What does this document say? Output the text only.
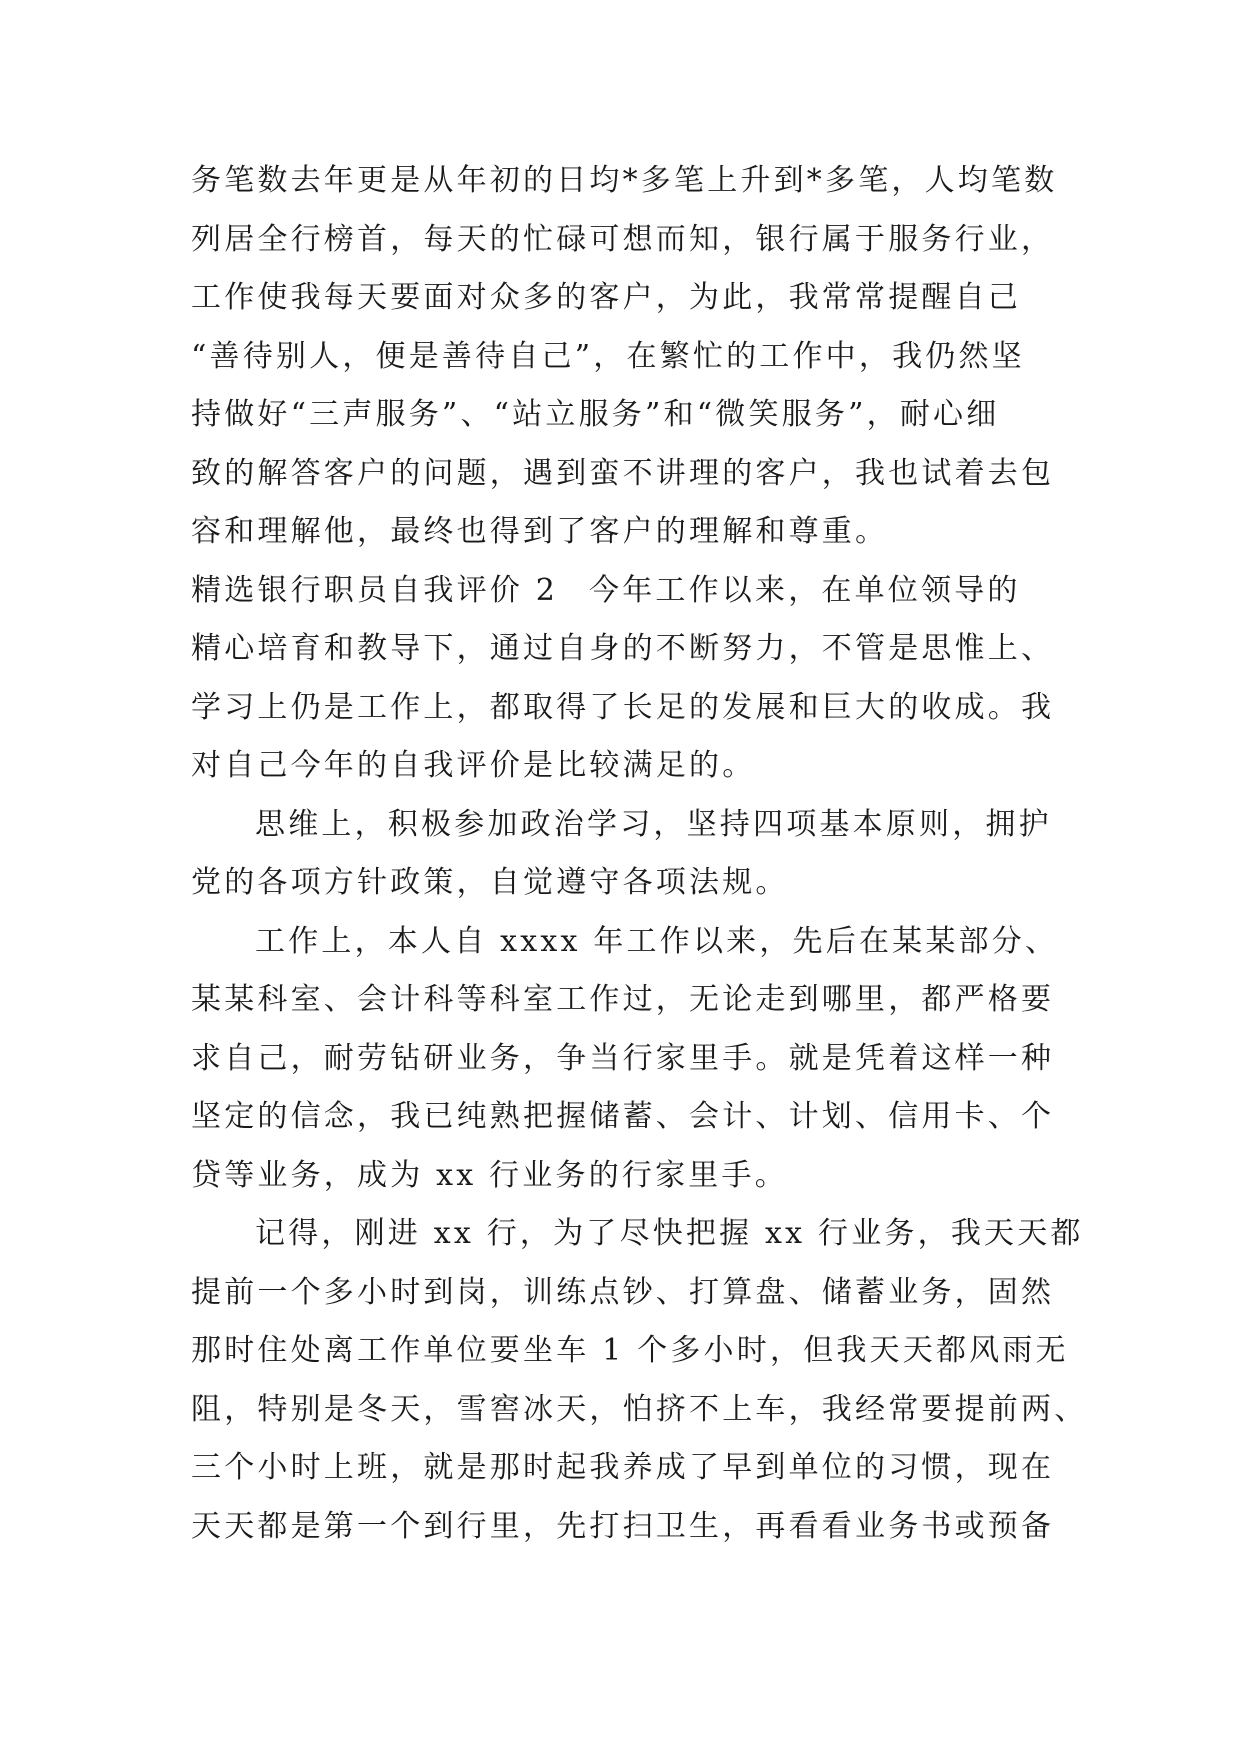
务笔数去年更是从年初的日均*多笔上升到*多笔，人均笔数
列居全行榜首，每天的忙碌可想而知，银行属于服务行业，
工作使我每天要面对众多的客户，为此，我常常提醒自己
“善待别人，便是善待自己”，在繁忙的工作中，我仍然坚
持做好“三声服务”、“站立服务”和“微笑服务”，耐心细
致的解答客户的问题，遇到蛮不讲理的客户，我也试着去包
容和理解他，最终也得到了客户的理解和尊重。
精选银行职员自我评价 2 今年工作以来，在单位领导的
精心培育和教导下，通过自身的不断努力，不管是思惟上、
学习上仍是工作上，都取得了长足的发展和巨大的收成。我
对自己今年的自我评价是比较满足的。
思维上，积极参加政治学习，坚持四项基本原则，拥护
党的各项方针政策，自觉遵守各项法规。
工作上，本人自 xxxx 年工作以来，先后在某某部分、
某某科室、会计科等科室工作过，无论走到哪里，都严格要
求自己，耐劳钻研业务，争当行家里手。就是凭着这样一种
坚定的信念，我已纯熟把握储蓄、会计、计划、信用卡、个
贷等业务，成为 xx 行业务的行家里手。
记得，刚进 xx 行，为了尽快把握 xx 行业务，我天天都
提前一个多小时到岗，训练点钞、打算盘、储蓄业务，固然
那时住处离工作单位要坐车 1 个多小时，但我天天都风雨无
阻，特别是冬天，雪窖冰天，怕挤不上车，我经常要提前两、
三个小时上班，就是那时起我养成了早到单位的习惯，现在
天天都是第一个到行里，先打扫卫生，再看看业务书或预备
